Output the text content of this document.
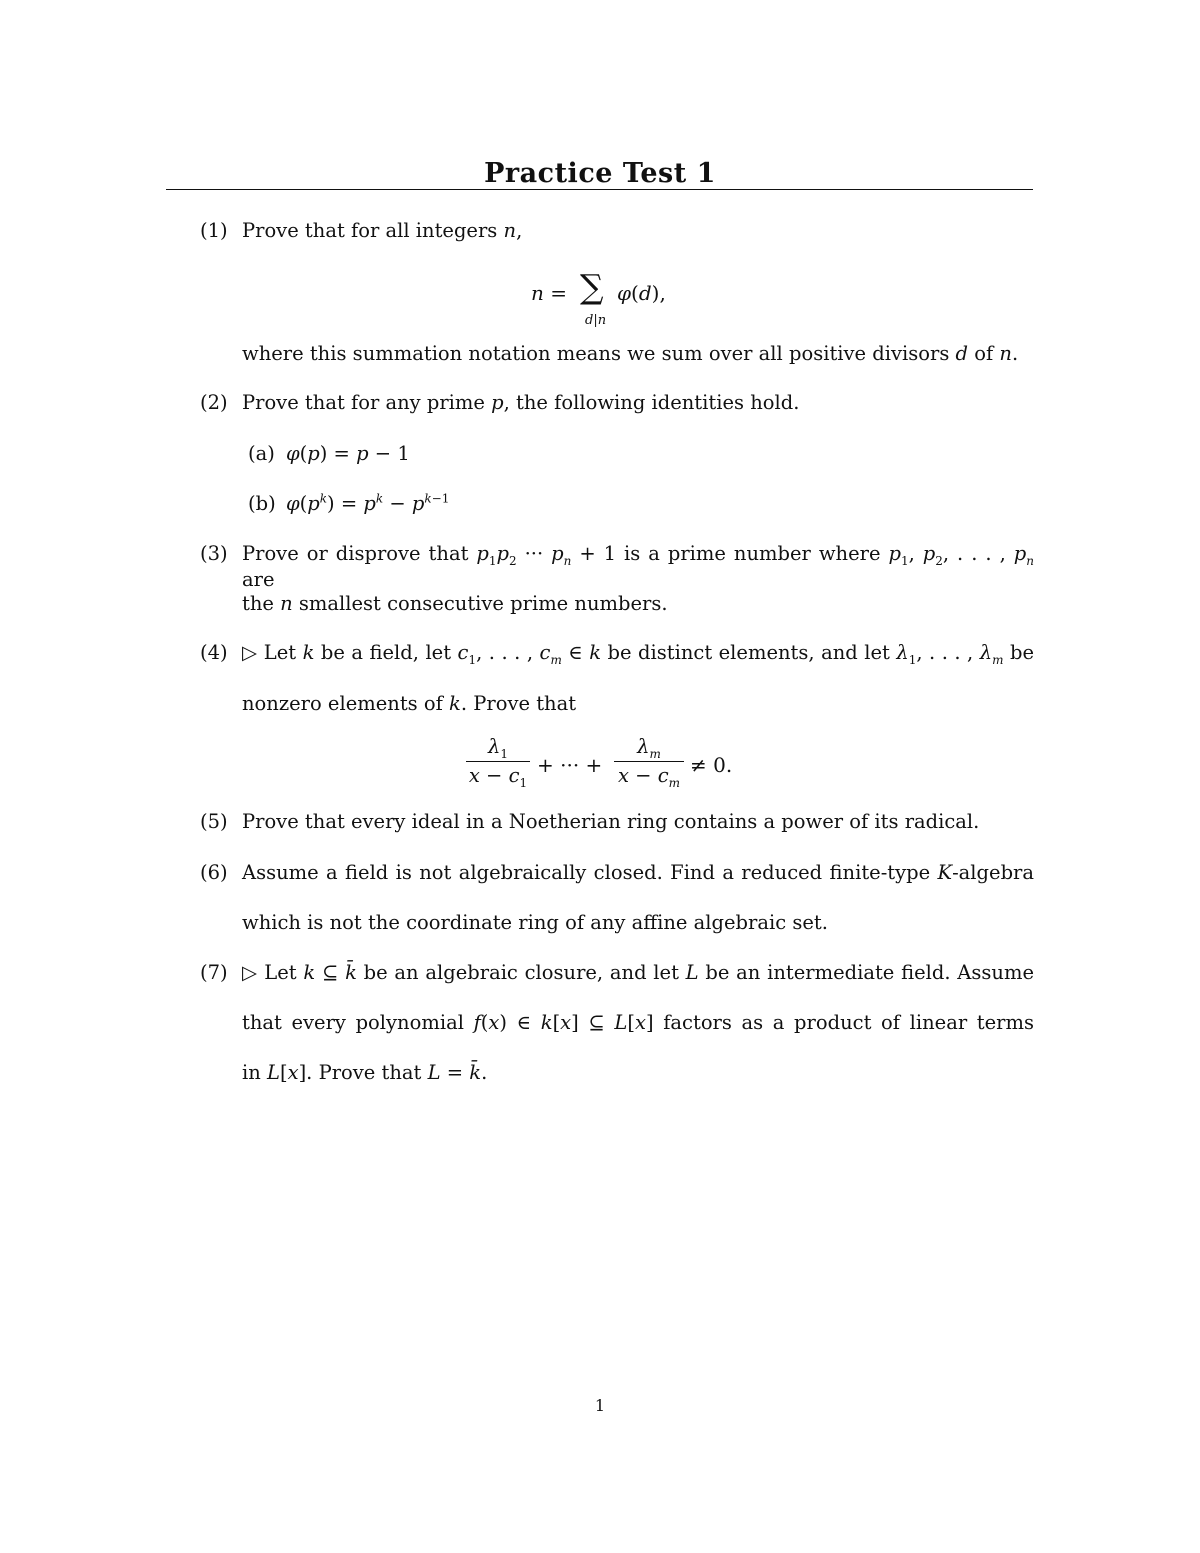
Practice Test 1
(1) Prove that for all integers n,
n = ∑
d|n
φ(d),
where this summation notation means we sum over all positive divisors d of n.
(2) Prove that for any prime p, the following identities hold.
(a) φ(p) = p − 1
(b) $\varphi(p^k) = p^k - p^{k-1}$
(3) Prove or disprove that $p_1p_2$ ··· $p_n + 1$ is a prime number where $p_1$, $p_2$, . . . , $p_n$ are
the n smallest consecutive prime numbers.
(4) ▷ Let k be a field, let $c_1$, . . . , $c_m$ ∈ k be distinct elements, and let $\lambda_1$, . . . , $\lambda_m$ be
nonzero elements of k. Prove that
$\lambda_1$
$x - c_1$
+ ··· +
$\lambda_m$
$x - c_m$
≠ 0.
(5) Prove that every ideal in a Noetherian ring contains a power of its radical.
(6) Assume a field is not algebraically closed. Find a reduced finite-type K-algebra
which is not the coordinate ring of any affine algebraic set.
(7) ▷ Let k ⊆ k̄ be an algebraic closure, and let L be an intermediate field. Assume
that every polynomial f(x) ∈ k[x] ⊆ L[x] factors as a product of linear terms
in L[x]. Prove that L = k̄.
1
